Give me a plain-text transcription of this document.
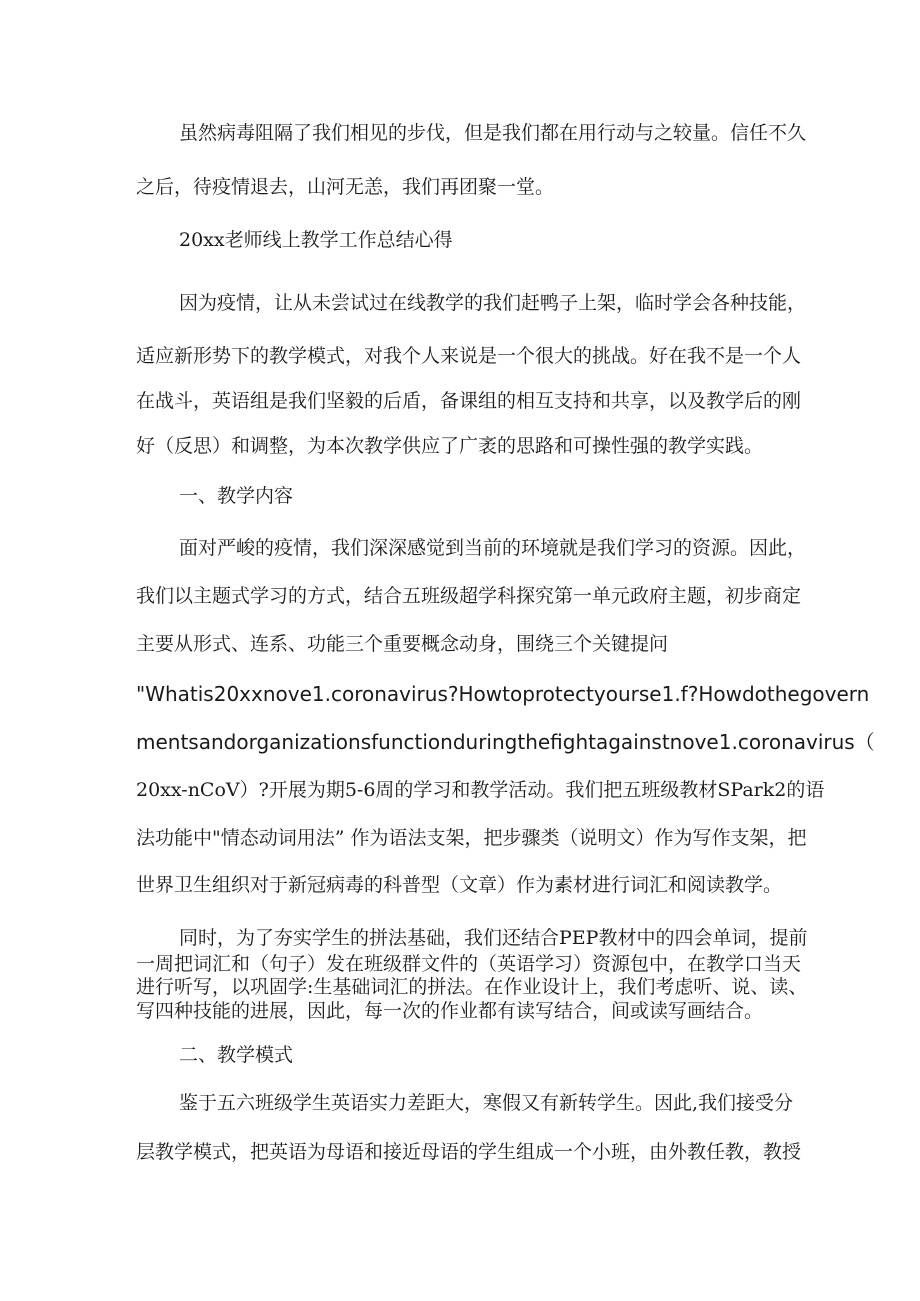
虽然病毒阻隔了我们相见的步伐，但是我们都在用行动与之较量。信任不久

之后，待疫情退去，山河无恙，我们再团聚一堂。

20xx老师线上教学工作总结心得

因为疫情，让从未尝试过在线教学的我们赶鸭子上架，临时学会各种技能，

适应新形势下的教学模式，对我个人来说是一个很大的挑战。好在我不是一个人

在战斗，英语组是我们坚毅的后盾，备课组的相互支持和共享，以及教学后的刚

好（反思）和调整，为本次教学供应了广袤的思路和可操性强的教学实践。

一、教学内容

面对严峻的疫情，我们深深感觉到当前的环境就是我们学习的资源。因此，

我们以主题式学习的方式，结合五班级超学科探究第一单元政府主题，初步商定

主要从形式、连系、功能三个重要概念动身，围绕三个关键提问

"Whatis20xxnove1.coronavirus?Howtoprotectyourse1.f?Howdothegovern

mentsandorganizationsfunctionduringthefightagainstnove1.coronavirus（

20xx-nCoV）?开展为期5-6周的学习和教学活动。我们把五班级教材SPark2的语

法功能中"情态动词用法” 作为语法支架，把步骤类（说明文）作为写作支架，把

世界卫生组织对于新冠病毒的科普型（文章）作为素材进行词汇和阅读教学。

同时，为了夯实学生的拼法基础，我们还结合PEP教材中的四会单词，提前

一周把词汇和（句子）发在班级群文件的（英语学习）资源包中，在教学口当天

进行听写，以巩固学:生基础词汇的拼法。在作业设计上，我们考虑听、说、读、

写四种技能的进展，因此，每一次的作业都有读写结合，间或读写画结合。

二、教学模式

鉴于五六班级学生英语实力差距大，寒假又有新转学生。因此,我们接受分

层教学模式，把英语为母语和接近母语的学生组成一个小班，由外教任教，教授
